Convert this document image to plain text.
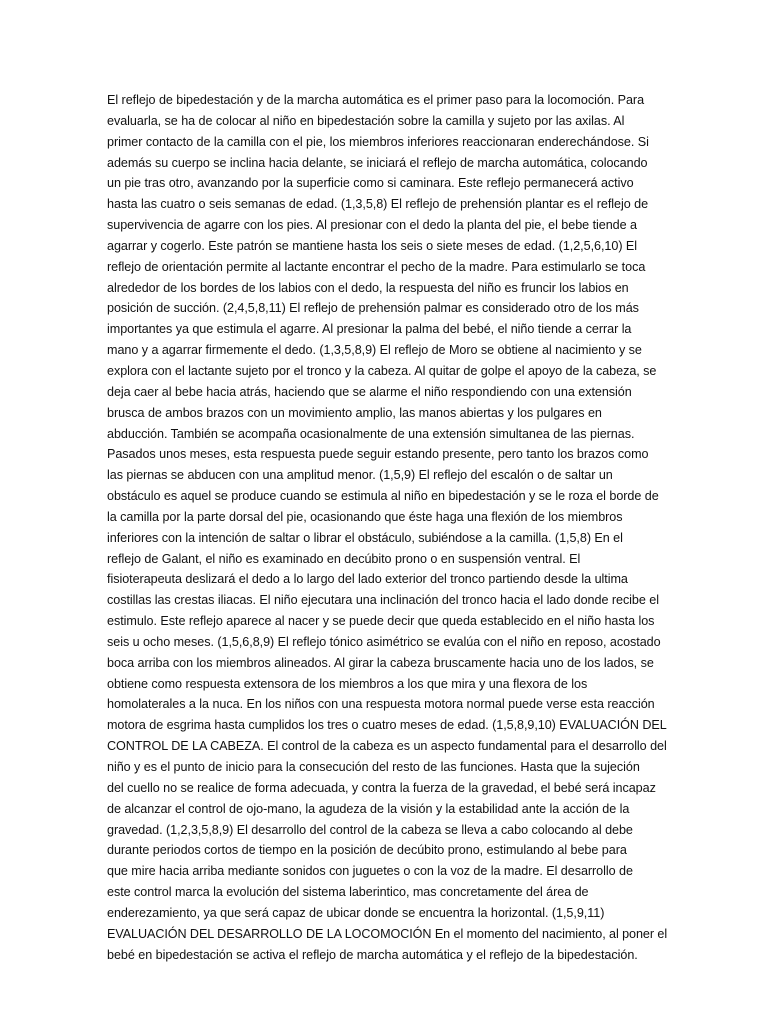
El reflejo de bipedestación y de la marcha automática es el primer paso para la locomoción. Para
evaluarla, se ha de colocar al niño en bipedestación sobre la camilla y sujeto por las axilas. Al
primer contacto de la camilla con el pie, los miembros inferiores reaccionaran enderechándose. Si
además su cuerpo se inclina hacia delante, se iniciará el reflejo de marcha automática, colocando
un pie tras otro, avanzando por la superficie como si caminara. Este reflejo permanecerá activo
hasta las cuatro o seis semanas de edad. (1,3,5,8) El reflejo de prehensión plantar es el reflejo de
supervivencia de agarre con los pies. Al presionar con el dedo la planta del pie, el bebe tiende a
agarrar y cogerlo. Este patrón se mantiene hasta los seis o siete meses de edad. (1,2,5,6,10) El
reflejo de orientación permite al lactante encontrar el pecho de la madre. Para estimularlo se toca
alrededor de los bordes de los labios con el dedo, la respuesta del niño es fruncir los labios en
posición de succión. (2,4,5,8,11) El reflejo de prehensión palmar es considerado otro de los más
importantes ya que estimula el agarre. Al presionar la palma del bebé, el niño tiende a cerrar la
mano y a agarrar firmemente el dedo. (1,3,5,8,9) El reflejo de Moro se obtiene al nacimiento y se
explora con el lactante sujeto por el tronco y la cabeza. Al quitar de golpe el apoyo de la cabeza, se
deja caer al bebe hacia atrás, haciendo que se alarme el niño respondiendo con una extensión
brusca de ambos brazos con un movimiento amplio, las manos abiertas y los pulgares en
abducción. También se acompaña ocasionalmente de una extensión simultanea de las piernas.
Pasados unos meses, esta respuesta puede seguir estando presente, pero tanto los brazos como
las piernas se abducen con una amplitud menor. (1,5,9) El reflejo del escalón o de saltar un
obstáculo es aquel se produce cuando se estimula al niño en bipedestación y se le roza el borde de
la camilla por la parte dorsal del pie, ocasionando que éste haga una flexión de los miembros
inferiores con la intención de saltar o librar el obstáculo, subiéndose a la camilla. (1,5,8) En el
reflejo de Galant, el niño es examinado en decúbito prono o en suspensión ventral. El
fisioterapeuta deslizará el dedo a lo largo del lado exterior del tronco partiendo desde la ultima
costillas las crestas iliacas. El niño ejecutara una inclinación del tronco hacia el lado donde recibe el
estimulo. Este reflejo aparece al nacer y se puede decir que queda establecido en el niño hasta los
seis u ocho meses. (1,5,6,8,9) El reflejo tónico asimétrico se evalúa con el niño en reposo, acostado
boca arriba con los miembros alineados. Al girar la cabeza bruscamente hacia uno de los lados, se
obtiene como respuesta extensora de los miembros a los que mira y una flexora de los
homolaterales a la nuca. En los niños con una respuesta motora normal puede verse esta reacción
motora de esgrima hasta cumplidos los tres o cuatro meses de edad. (1,5,8,9,10) EVALUACIÓN DEL
CONTROL DE LA CABEZA. El control de la cabeza es un aspecto fundamental para el desarrollo del
niño y es el punto de inicio para la consecución del resto de las funciones. Hasta que la sujeción
del cuello no se realice de forma adecuada, y contra la fuerza de la gravedad, el bebé será incapaz
de alcanzar el control de ojo-mano, la agudeza de la visión y la estabilidad ante la acción de la
gravedad. (1,2,3,5,8,9) El desarrollo del control de la cabeza se lleva a cabo colocando al debe
durante periodos cortos de tiempo en la posición de decúbito prono, estimulando al bebe para
que mire hacia arriba mediante sonidos con juguetes o con la voz de la madre. El desarrollo de
este control marca la evolución del sistema laberintico, mas concretamente del área de
enderezamiento, ya que será capaz de ubicar donde se encuentra la horizontal. (1,5,9,11)
EVALUACIÓN DEL DESARROLLO DE LA LOCOMOCIÓN En el momento del nacimiento, al poner el
bebé en bipedestación se activa el reflejo de marcha automática y el reflejo de la bipedestación.
